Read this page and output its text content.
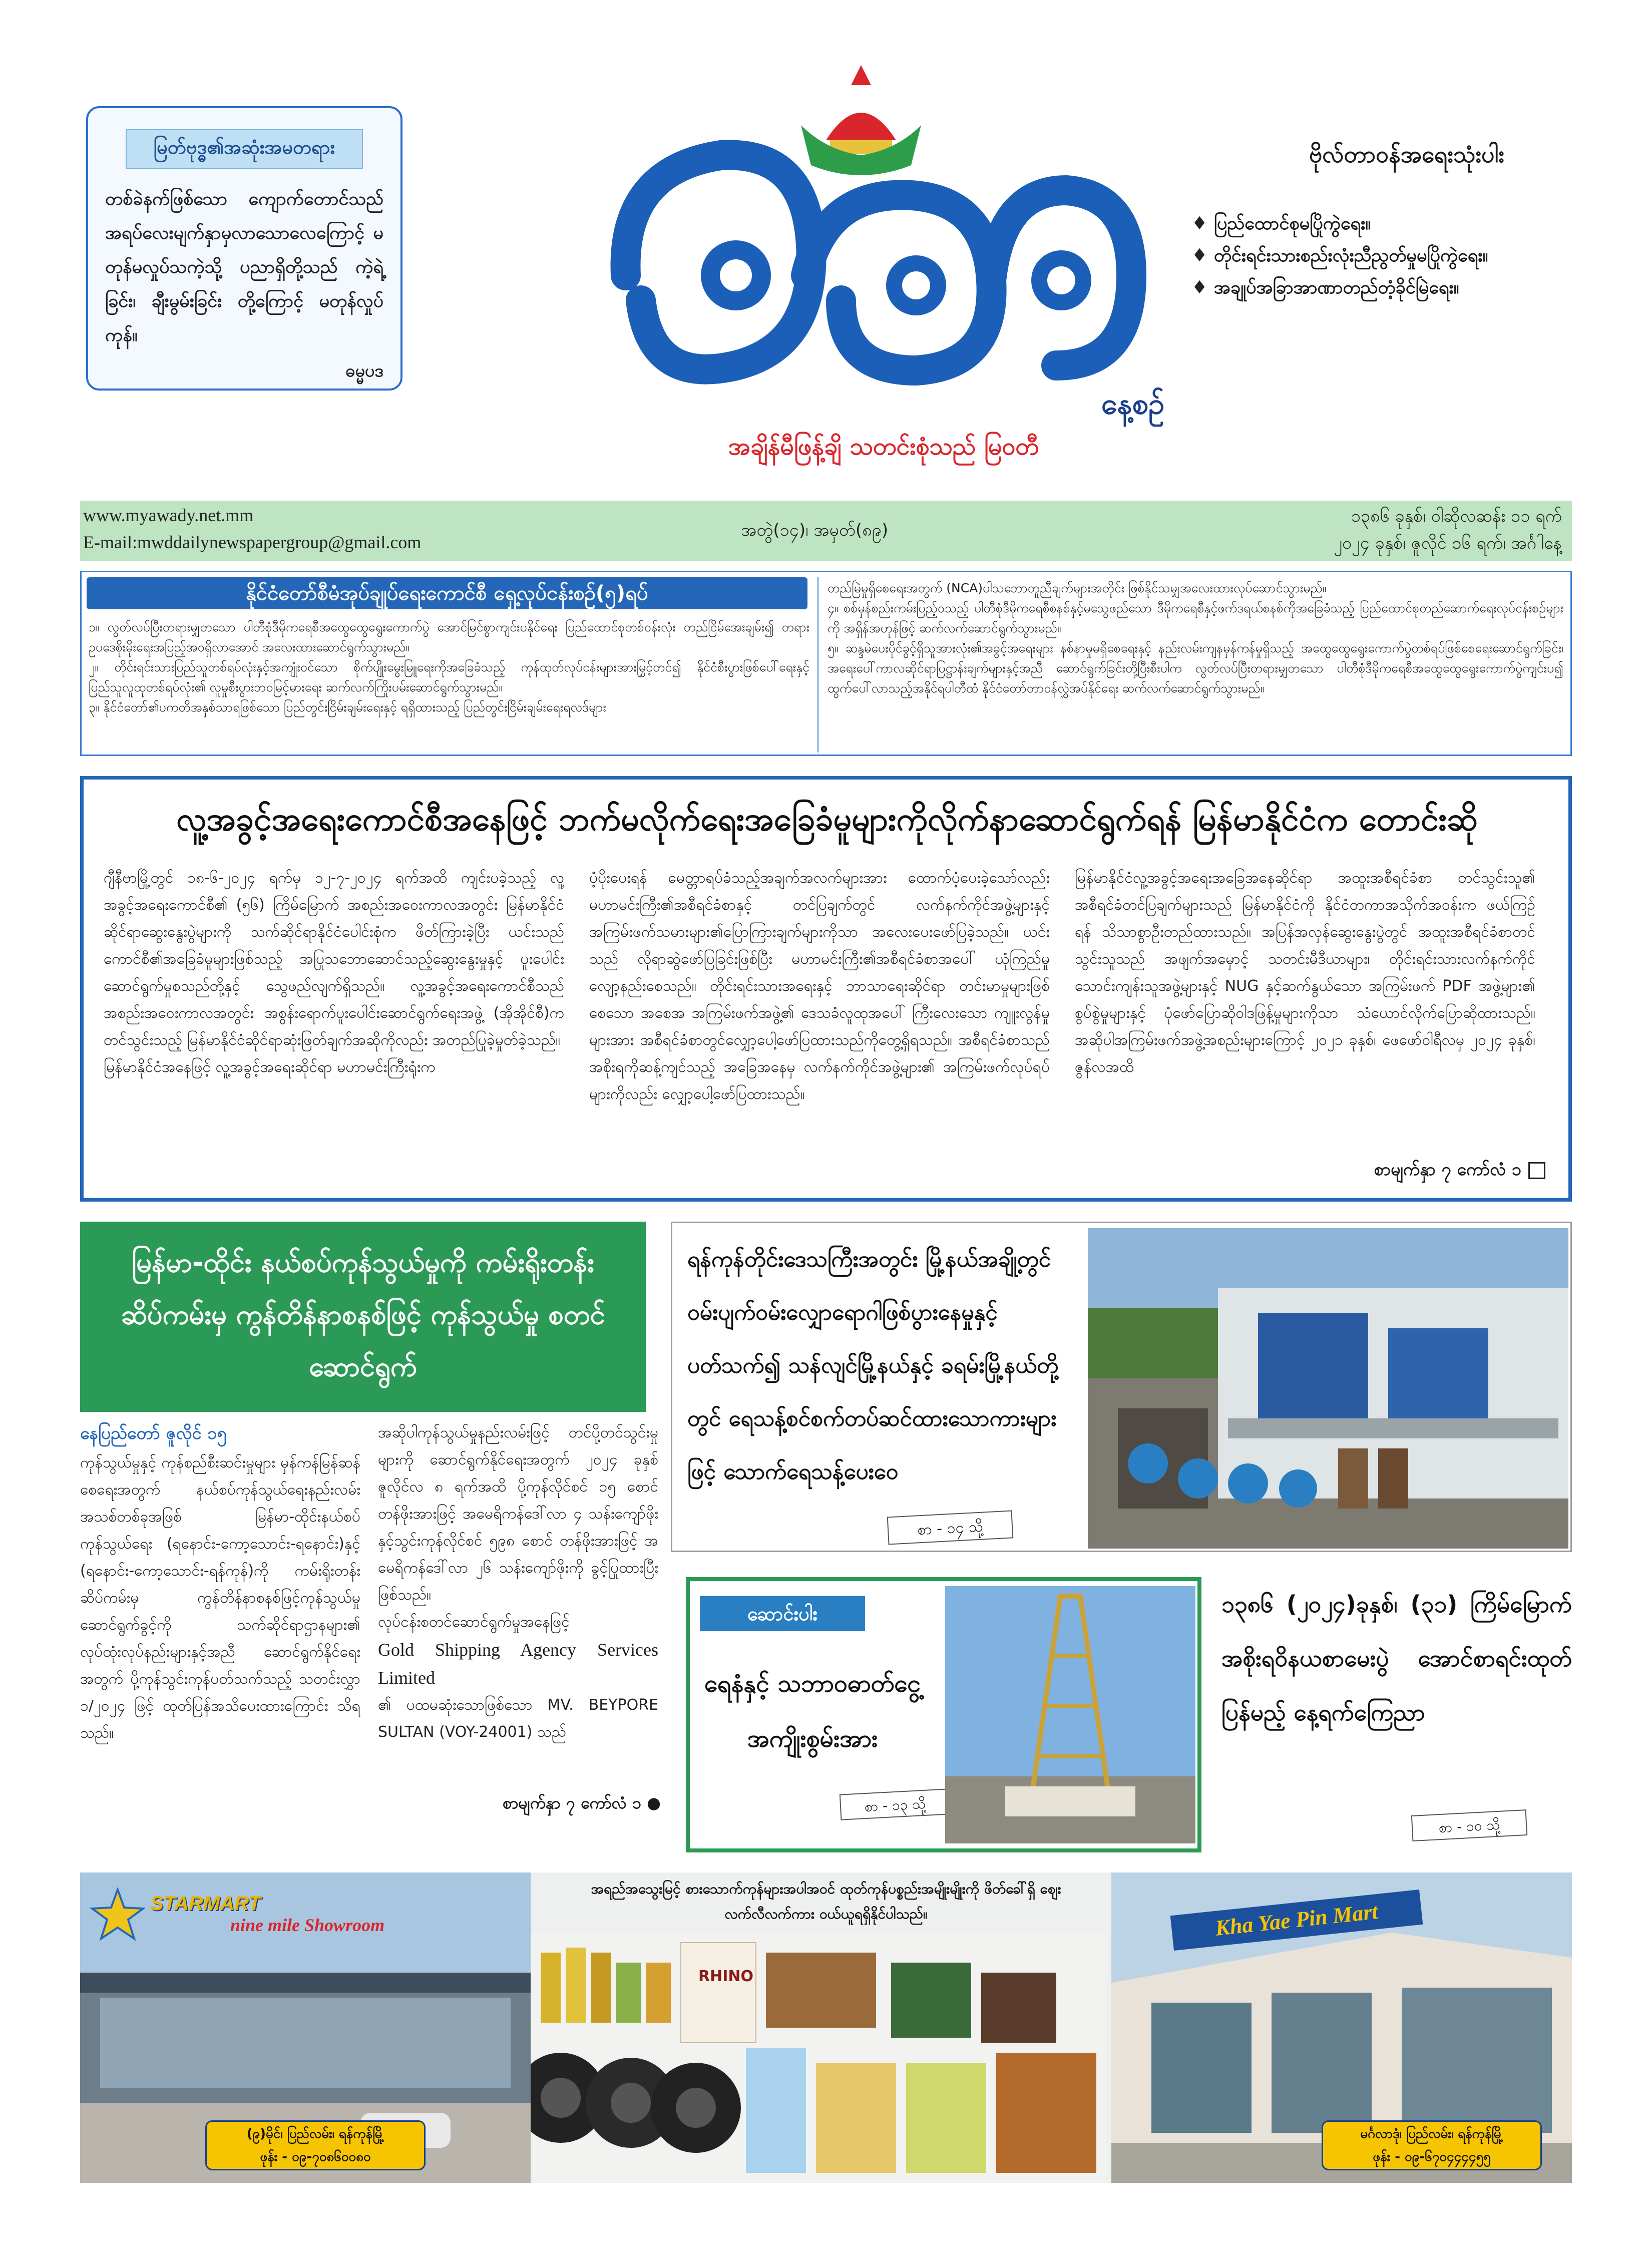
မြတ်ဗုဒ္ဓ၏အဆုံးအမတရား
တစ်ခဲနက်ဖြစ်သော ကျောက်တောင်သည် အရပ်လေးမျက်နှာမှလာသောလေကြောင့် မတုန်မလှုပ်သကဲ့သို့ ပညာရှိတို့သည် ကဲ့ရဲ့ခြင်း၊ ချီးမွမ်းခြင်း တို့ကြောင့် မတုန်လှုပ်ကုန်။
ဓမ္မပဒ
နေ့စဉ်
အချိန်မီဖြန့်ချိ သတင်းစုံသည် မြဝတီ
ဗိုလ်တာဝန်အရေးသုံးပါး
♦ ပြည်ထောင်စုမပြိုကွဲရေး။
♦ တိုင်းရင်းသားစည်းလုံးညီညွတ်မှုမပြိုကွဲရေး။
♦ အချုပ်အခြာအာဏာတည်တံ့ခိုင်မြဲရေး။
www.myawady.net.mm
E-mail:mwddailynewspapergroup@gmail.com
အတွဲ(၁၄)၊ အမှတ်(၈၉)
၁၃၈၆ ခုနှစ်၊ ဝါဆိုလဆန်း ၁၁ ရက်
၂၀၂၄ ခုနှစ်၊ ဇူလိုင် ၁၆ ရက်၊ အင်္ဂါနေ့
နိုင်ငံတော်စီမံအုပ်ချုပ်ရေးကောင်စီ ရှေ့လုပ်ငန်းစဉ်(၅)ရပ်

၁။ လွတ်လပ်ပြီးတရားမျှတသော ပါတီစုံဒီမိုကရေစီအထွေထွေရွေးကောက်ပွဲ အောင်မြင်စွာကျင်းပနိုင်ရေး ပြည်ထောင်စုတစ်ဝန်းလုံး တည်ငြိမ်အေးချမ်း၍ တရားဥပဒေစိုးမိုးရေးအပြည့်အဝရှိလာအောင် အလေးထားဆောင်ရွက်သွားမည်။

၂။ တိုင်းရင်းသားပြည်သူတစ်ရပ်လုံးနှင့်အကျုံးဝင်သော စိုက်ပျိုးမွေးမြူရေးကိုအခြေခံသည့် ကုန်ထုတ်လုပ်ငန်းများအားမြှင့်တင်၍ နိုင်ငံစီးပွားဖြစ်ပေါ်ရေးနှင့် ပြည်သူလူထုတစ်ရပ်လုံး၏ လူမှုစီးပွားဘဝမြင့်မားရေး ဆက်လက်ကြိုးပမ်းဆောင်ရွက်သွားမည်။

၃။ နိုင်ငံတော်၏ပကတိအနှစ်သာရဖြစ်သော ပြည်တွင်းငြိမ်းချမ်းရေးနှင့် ရရှိထားသည့် ပြည်တွင်းငြိမ်းချမ်းရေးရလဒ်များ

တည်မြဲမှုရှိစေရေးအတွက် (NCA)ပါသဘောတူညီချက်များအတိုင်း ဖြစ်နိုင်သမျှအလေးထားလုပ်ဆောင်သွားမည်။

၄။ စစ်မှန်စည်းကမ်းပြည့်ဝသည့် ပါတီစုံဒီမိုကရေစီစနစ်နှင့်မသွေဖည်သော ဒီမိုကရေစီနှင့်ဖက်ဒရယ်စနစ်ကိုအခြေခံသည့် ပြည်ထောင်စုတည်ဆောက်ရေးလုပ်ငန်းစဉ်များကို အရှိန်အဟုန်ဖြင့် ဆက်လက်ဆောင်ရွက်သွားမည်။

၅။ ဆန္ဒမဲပေးပိုင်ခွင့်ရှိသူအားလုံး၏အခွင့်အရေးများ နစ်နာမှုမရှိစေရေးနှင့် နည်းလမ်းကျနမှန်ကန်မှုရှိသည့် အထွေထွေရွေးကောက်ပွဲတစ်ရပ်ဖြစ်စေရေးဆောင်ရွက်ခြင်း၊ အရေးပေါ်ကာလဆိုင်ရာပြဋ္ဌာန်းချက်များနှင့်အညီ ဆောင်ရွက်ခြင်းတို့ပြီးစီးပါက လွတ်လပ်ပြီးတရားမျှတသော ပါတီစုံဒီမိုကရေစီအထွေထွေရွေးကောက်ပွဲကျင်းပ၍ ထွက်ပေါ်လာသည့်အနိုင်ရပါတီထံ နိုင်ငံတော်တာဝန်လွှဲအပ်နိုင်ရေး ဆက်လက်ဆောင်ရွက်သွားမည်။

လူ့အခွင့်အရေးကောင်စီအနေဖြင့် ဘက်မလိုက်ရေးအခြေခံမူများကိုလိုက်နာဆောင်ရွက်ရန် မြန်မာနိုင်ငံက တောင်းဆို

ဂျီနီဗာမြို့တွင် ၁၈-၆-၂၀၂၄ ရက်မှ ၁၂-၇-၂၀၂၄ ရက်အထိ ကျင်းပခဲ့သည့် လူ့အခွင့်အရေးကောင်စီ၏ (၅၆) ကြိမ်မြောက် အစည်းအဝေးကာလအတွင်း မြန်မာနိုင်ငံဆိုင်ရာဆွေးနွေးပွဲများကို သက်ဆိုင်ရာနိုင်ငံပေါင်းစုံက ဖိတ်ကြားခဲ့ပြီး ယင်းသည် ကောင်စီ၏အခြေခံမူများဖြစ်သည့် အပြုသဘောဆောင်သည့်ဆွေးနွေးမှုနှင့် ပူးပေါင်းဆောင်ရွက်မှုစသည်တို့နှင့် သွေဖည်လျက်ရှိသည်။ လူ့အခွင့်အရေးကောင်စီသည် အစည်းအဝေးကာလအတွင်း အစွန်းရောက်ပူးပေါင်းဆောင်ရွက်ရေးအဖွဲ့ (အိုအိုင်စီ)က တင်သွင်းသည့် မြန်မာနိုင်ငံဆိုင်ရာဆုံးဖြတ်ချက်အဆိုကိုလည်း အတည်ပြုခဲ့မှုတ်ခဲ့သည်။

မြန်မာနိုင်ငံအနေဖြင့် လူ့အခွင့်အရေးဆိုင်ရာ မဟာမင်းကြီးရုံးက

ပံ့ပိုးပေးရန် မေတ္တာရပ်ခံသည့်အချက်အလက်များအား ထောက်ပံ့ပေးခဲ့သော်လည်း မဟာမင်းကြီး၏အစီရင်ခံစာနှင့် တင်ပြချက်တွင် လက်နက်ကိုင်အဖွဲ့များနှင့် အကြမ်းဖက်သမားများ၏ပြောကြားချက်များကိုသာ အလေးပေးဖော်ပြခဲ့သည်။ ယင်းသည် လိုရာဆွဲဖော်ပြခြင်းဖြစ်ပြီး မဟာမင်းကြီး၏အစီရင်ခံစာအပေါ် ယုံကြည်မှုလျော့နည်းစေသည်။ တိုင်းရင်းသားအရေးနှင့် ဘာသာရေးဆိုင်ရာ တင်းမာမှုများဖြစ်စေသော အစေအ အကြမ်းဖက်အဖွဲ့၏ ဒေသခံလူထုအပေါ် ကြီးလေးသော ကျူးလွန်မှုများအား အစီရင်ခံစာတွင်လျှော့ပေါ့ဖော်ပြထားသည်ကိုတွေ့ရှိရသည်။ အစီရင်ခံစာသည် အစိုးရကိုဆန့်ကျင်သည့် အခြေအနေမှ လက်နက်ကိုင်အဖွဲ့များ၏ အကြမ်းဖက်လုပ်ရပ်များကိုလည်း လျှော့ပေါ့ဖော်ပြထားသည်။

မြန်မာနိုင်ငံလူ့အခွင့်အရေးအခြေအနေဆိုင်ရာ အထူးအစီရင်ခံစာ တင်သွင်းသူ၏ အစီရင်ခံတင်ပြချက်များသည် မြန်မာနိုင်ငံကို နိုင်ငံတကာအသိုက်အဝန်းက ဖယ်ကြဉ်ရန် သိသာစွာဦးတည်ထားသည်။ အပြန်အလှန်ဆွေးနွေးပွဲတွင် အထူးအစီရင်ခံစာတင်သွင်းသူသည် အဖျက်အမှောင့် သတင်းမီဒီယာများ၊ တိုင်းရင်းသားလက်နက်ကိုင် သောင်းကျန်းသူအဖွဲ့များနှင့် NUG နှင့်ဆက်နွယ်သော အကြမ်းဖက် PDF အဖွဲ့များ၏ စွပ်စွဲမှုများနှင့် ပုံဖော်ပြောဆိုဝါဒဖြန့်မှုများကိုသာ သံယောင်လိုက်ပြောဆိုထားသည်။ အဆိုပါအကြမ်းဖက်အဖွဲ့အစည်းများကြောင့် ၂၀၂၁ ခုနှစ်၊ ဖေဖော်ဝါရီလမှ ၂၀၂၄ ခုနှစ်၊ ဇွန်လအထိ

စာမျက်နှာ ၇ ကော်လံ ၁
မြန်မာ-ထိုင်း နယ်စပ်ကုန်သွယ်မှုကို ကမ်းရိုးတန်းဆိပ်ကမ်းမှ ကွန်တိန်နာစနစ်ဖြင့် ကုန်သွယ်မှု စတင်ဆောင်ရွက်
နေပြည်တော် ဇူလိုင် ၁၅

ကုန်သွယ်မှုနှင့် ကုန်စည်စီးဆင်းမှုများ မှန်ကန်မြန်ဆန်စေရေးအတွက် နယ်စပ်ကုန်သွယ်ရေးနည်းလမ်းအသစ်တစ်ခုအဖြစ် မြန်မာ-ထိုင်းနယ်စပ်ကုန်သွယ်ရေး (ရနောင်း-ကော့သောင်း-ရနောင်း)နှင့် (ရနောင်း-ကော့သောင်း-ရန်ကုန်)ကို ကမ်းရိုးတန်းဆိပ်ကမ်းမှ ကွန်တိန်နာစနစ်ဖြင့်ကုန်သွယ်မှု ဆောင်ရွက်ခွင့်ကို သက်ဆိုင်ရာဌာနများ၏ လုပ်ထုံးလုပ်နည်းများနှင့်အညီ ဆောင်ရွက်နိုင်ရေးအတွက် ပို့ကုန်သွင်းကုန်ပတ်သက်သည့် သတင်းလွှာ ၁/၂၀၂၄ ဖြင့် ထုတ်ပြန်အသိပေးထားကြောင်း သိရသည်။

အဆိုပါကုန်သွယ်မှုနည်းလမ်းဖြင့် တင်ပို့တင်သွင်းမှုများကို ဆောင်ရွက်နိုင်ရေးအတွက် ၂၀၂၄ ခုနှစ် ဇူလိုင်လ ၈ ရက်အထိ ပို့ကုန်လိုင်စင် ၁၅ စောင် တန်ဖိုးအားဖြင့် အမေရိကန်ဒေါ်လာ ၄ သန်းကျော်ဖိုးနှင့်သွင်းကုန်လိုင်စင် ၅၉၈ စောင် တန်ဖိုးအားဖြင့် အမေရိကန်ဒေါ်လာ ၂၆ သန်းကျော်ဖိုးကို ခွင့်ပြုထားပြီးဖြစ်သည်။

လုပ်ငန်းစတင်ဆောင်ရွက်မှုအနေဖြင့်

Gold Shipping Agency Services Limited

၏ ပထမဆုံးသောဖြစ်သော MV. BEYPORE SULTAN (VOY-24001) သည်

စာမျက်နှာ ၇ ကော်လံ ၁ ●
ရန်ကုန်တိုင်းဒေသကြီးအတွင်း မြို့နယ်အချို့တွင် ဝမ်းပျက်ဝမ်းလျှောရောဂါဖြစ်ပွားနေမှုနှင့်ပတ်သက်၍ သန်လျင်မြို့နယ်နှင့် ခရမ်းမြို့နယ်တို့တွင် ရေသန့်စင်စက်တပ်ဆင်ထားသောကားများဖြင့် သောက်ရေသန့်ပေးဝေ
စာ - ၁၄ သို့
ဆောင်းပါး
ရေနံနှင့် သဘာဝဓာတ်ငွေ့ အကျိုးစွမ်းအား
စာ - ၁၃ သို့
၁၃၈၆ (၂၀၂၄)ခုနှစ်၊ (၃၁) ကြိမ်မြောက် အစိုးရဝိနယစာမေးပွဲ အောင်စာရင်းထုတ်ပြန်မည့် နေ့ရက်ကြေညာ
စာ - ၁၀ သို့
STARMART
nine mile Showroom
(၉)မိုင်၊ ပြည်လမ်း၊ ရန်ကုန်မြို့
ဖုန်း - ၀၉-၇၀၈၆၀၀၈၀
အရည်အသွေးမြင့် စားသောက်ကုန်များအပါအဝင် ထုတ်ကုန်ပစ္စည်းအမျိုးမျိုးကို ဖိတ်ခေါ်ရှိ ဈေးလက်လီလက်ကား ဝယ်ယူရရှိနိုင်ပါသည်။
RHINO
Kha Yae Pin Mart
မင်္ဂလာဒုံ၊ ပြည်လမ်း၊ ရန်ကုန်မြို့
ဖုန်း - ၀၉-၆၇၀၄၄၄၄၅၅
